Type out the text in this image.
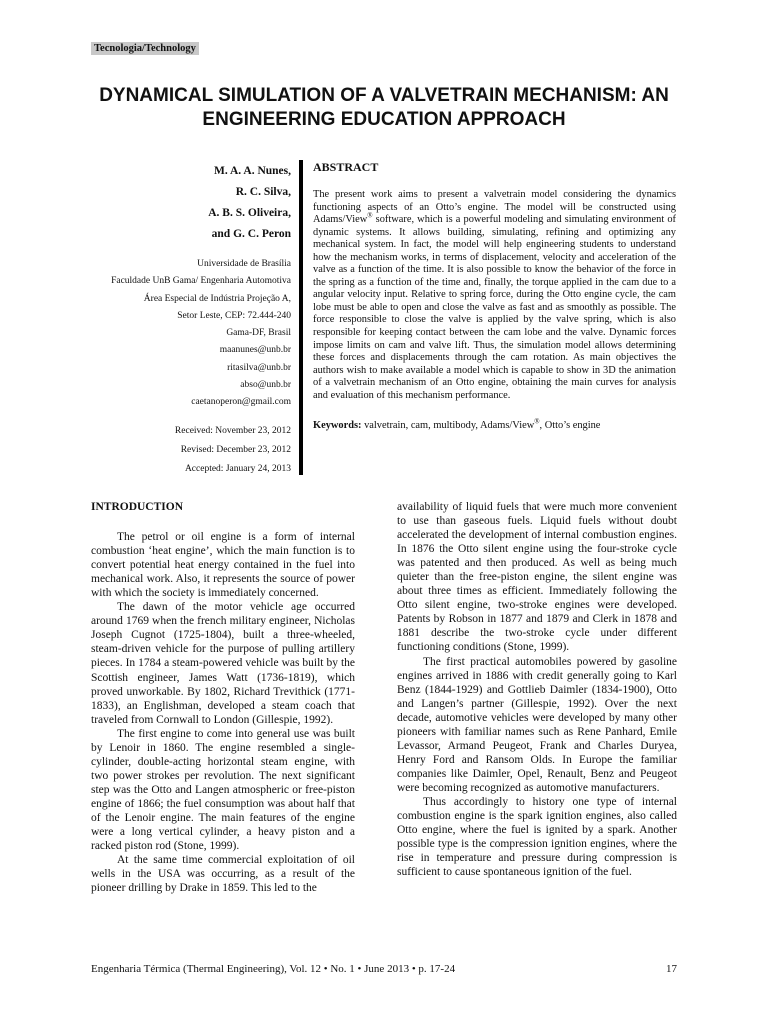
Tecnologia/Technology
DYNAMICAL SIMULATION OF A VALVETRAIN MECHANISM: AN ENGINEERING EDUCATION APPROACH
M. A. A. Nunes,
R. C. Silva,
A. B. S. Oliveira,
and G. C. Peron
Universidade de Brasília
Faculdade UnB Gama/ Engenharia Automotiva
Área Especial de Indústria Projeção A,
Setor Leste, CEP: 72.444-240
Gama-DF, Brasil
maanunes@unb.br
ritasilva@unb.br
abso@unb.br
caetanoperon@gmail.com
Received: November 23, 2012
Revised: December 23, 2012
Accepted: January 24, 2013
ABSTRACT

The present work aims to present a valvetrain model considering the dynamics functioning aspects of an Otto’s engine. The model will be constructed using Adams/View® software, which is a powerful modeling and simulating environment of dynamic systems. It allows building, simulating, refining and optimizing any mechanical system. In fact, the model will help engineering students to understand how the mechanism works, in terms of displacement, velocity and acceleration of the valve as a function of the time. It is also possible to know the behavior of the force in the spring as a function of the time and, finally, the torque applied in the cam due to a angular velocity input. Relative to spring force, during the Otto engine cycle, the cam lobe must be able to open and close the valve as fast and as smoothly as possible. The force responsible to close the valve is applied by the valve spring, which is also responsible for keeping contact between the cam lobe and the valve. Dynamic forces impose limits on cam and valve lift. Thus, the simulation model allows determining these forces and displacements through the cam rotation. As main objectives the authors wish to make available a model which is capable to show in 3D the animation of a valvetrain mechanism of an Otto engine, obtaining the main curves for analysis and evaluation of this mechanism performance.

Keywords: valvetrain, cam, multibody, Adams/View®, Otto’s engine
INTRODUCTION

The petrol or oil engine is a form of internal combustion ‘heat engine’, which the main function is to convert potential heat energy contained in the fuel into mechanical work. Also, it represents the source of power with which the society is immediately concerned.

The dawn of the motor vehicle age occurred around 1769 when the french military engineer, Nicholas Joseph Cugnot (1725-1804), built a three-wheeled, steam-driven vehicle for the purpose of pulling artillery pieces. In 1784 a steam-powered vehicle was built by the Scottish engineer, James Watt (1736-1819), which proved unworkable. By 1802, Richard Trevithick (1771-1833), an Englishman, developed a steam coach that traveled from Cornwall to London (Gillespie, 1992).

The first engine to come into general use was built by Lenoir in 1860. The engine resembled a single-cylinder, double-acting horizontal steam engine, with two power strokes per revolution. The next significant step was the Otto and Langen atmospheric or free-piston engine of 1866; the fuel consumption was about half that of the Lenoir engine. The main features of the engine were a long vertical cylinder, a heavy piston and a racked piston rod (Stone, 1999).

At the same time commercial exploitation of oil wells in the USA was occurring, as a result of the pioneer drilling by Drake in 1859. This led to the

availability of liquid fuels that were much more convenient to use than gaseous fuels. Liquid fuels without doubt accelerated the development of internal combustion engines. In 1876 the Otto silent engine using the four-stroke cycle was patented and then produced. As well as being much quieter than the free-piston engine, the silent engine was about three times as efficient. Immediately following the Otto silent engine, two-stroke engines were developed. Patents by Robson in 1877 and 1879 and Clerk in 1878 and 1881 describe the two-stroke cycle under different functioning conditions (Stone, 1999).

The first practical automobiles powered by gasoline engines arrived in 1886 with credit generally going to Karl Benz (1844-1929) and Gottlieb Daimler (1834-1900), Otto and Langen’s partner (Gillespie, 1992). Over the next decade, automotive vehicles were developed by many other pioneers with familiar names such as Rene Panhard, Emile Levassor, Armand Peugeot, Frank and Charles Duryea, Henry Ford and Ransom Olds. In Europe the familiar companies like Daimler, Opel, Renault, Benz and Peugeot were becoming recognized as automotive manufacturers.

Thus accordingly to history one type of internal combustion engine is the spark ignition engines, also called Otto engine, where the fuel is ignited by a spark. Another possible type is the compression ignition engines, where the rise in temperature and pressure during compression is sufficient to cause spontaneous ignition of the fuel.

Engenharia Térmica (Thermal Engineering), Vol. 12 • No. 1 • June 2013 • p. 17-24	17
